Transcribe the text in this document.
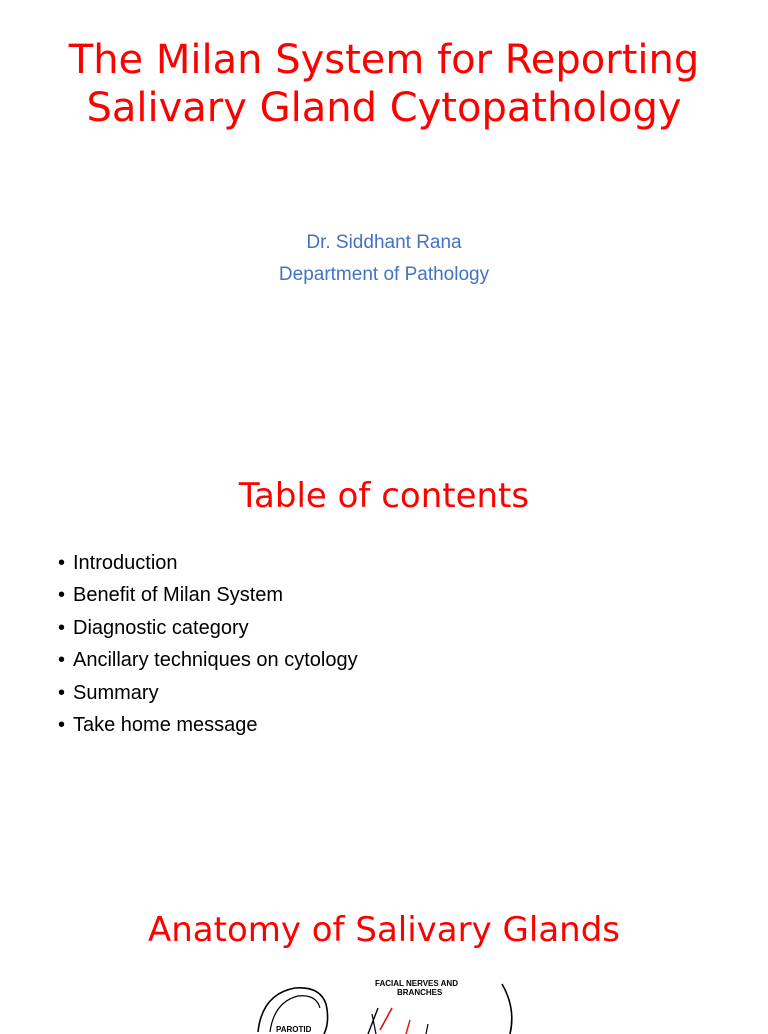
The Milan System for Reporting
Salivary Gland Cytopathology
Dr. Siddhant Rana
Department of Pathology
Table of contents
• Introduction
• Benefit of Milan System
• Diagnostic category
• Ancillary techniques on cytology
• Summary
• Take home message
Anatomy of Salivary Glands
PAROTID
FACIAL NERVES AND
BRANCHES
